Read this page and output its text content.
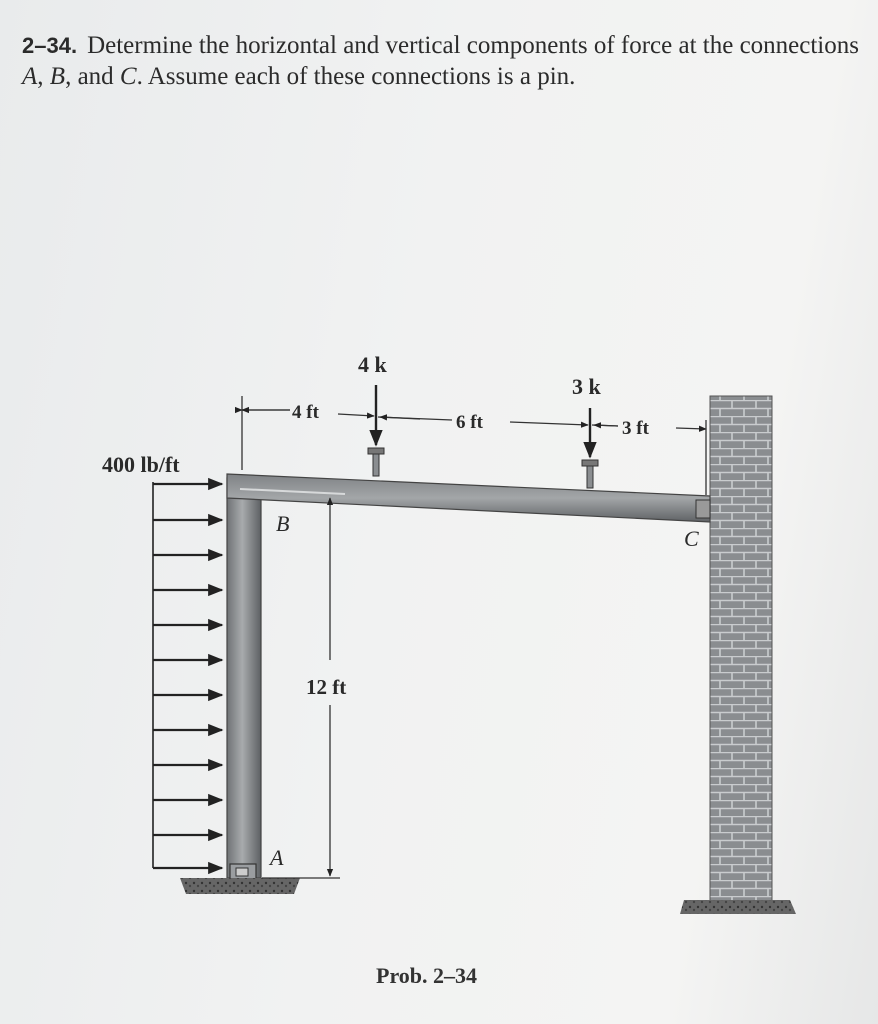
2–34. Determine the horizontal and vertical components of force at the connections A, B, and C. Assume each of these connections is a pin.

400 lb/ft
4 k
3 k
4 ft	6 ft	3 ft
12 ft
B
A
C
Prob. 2–34
